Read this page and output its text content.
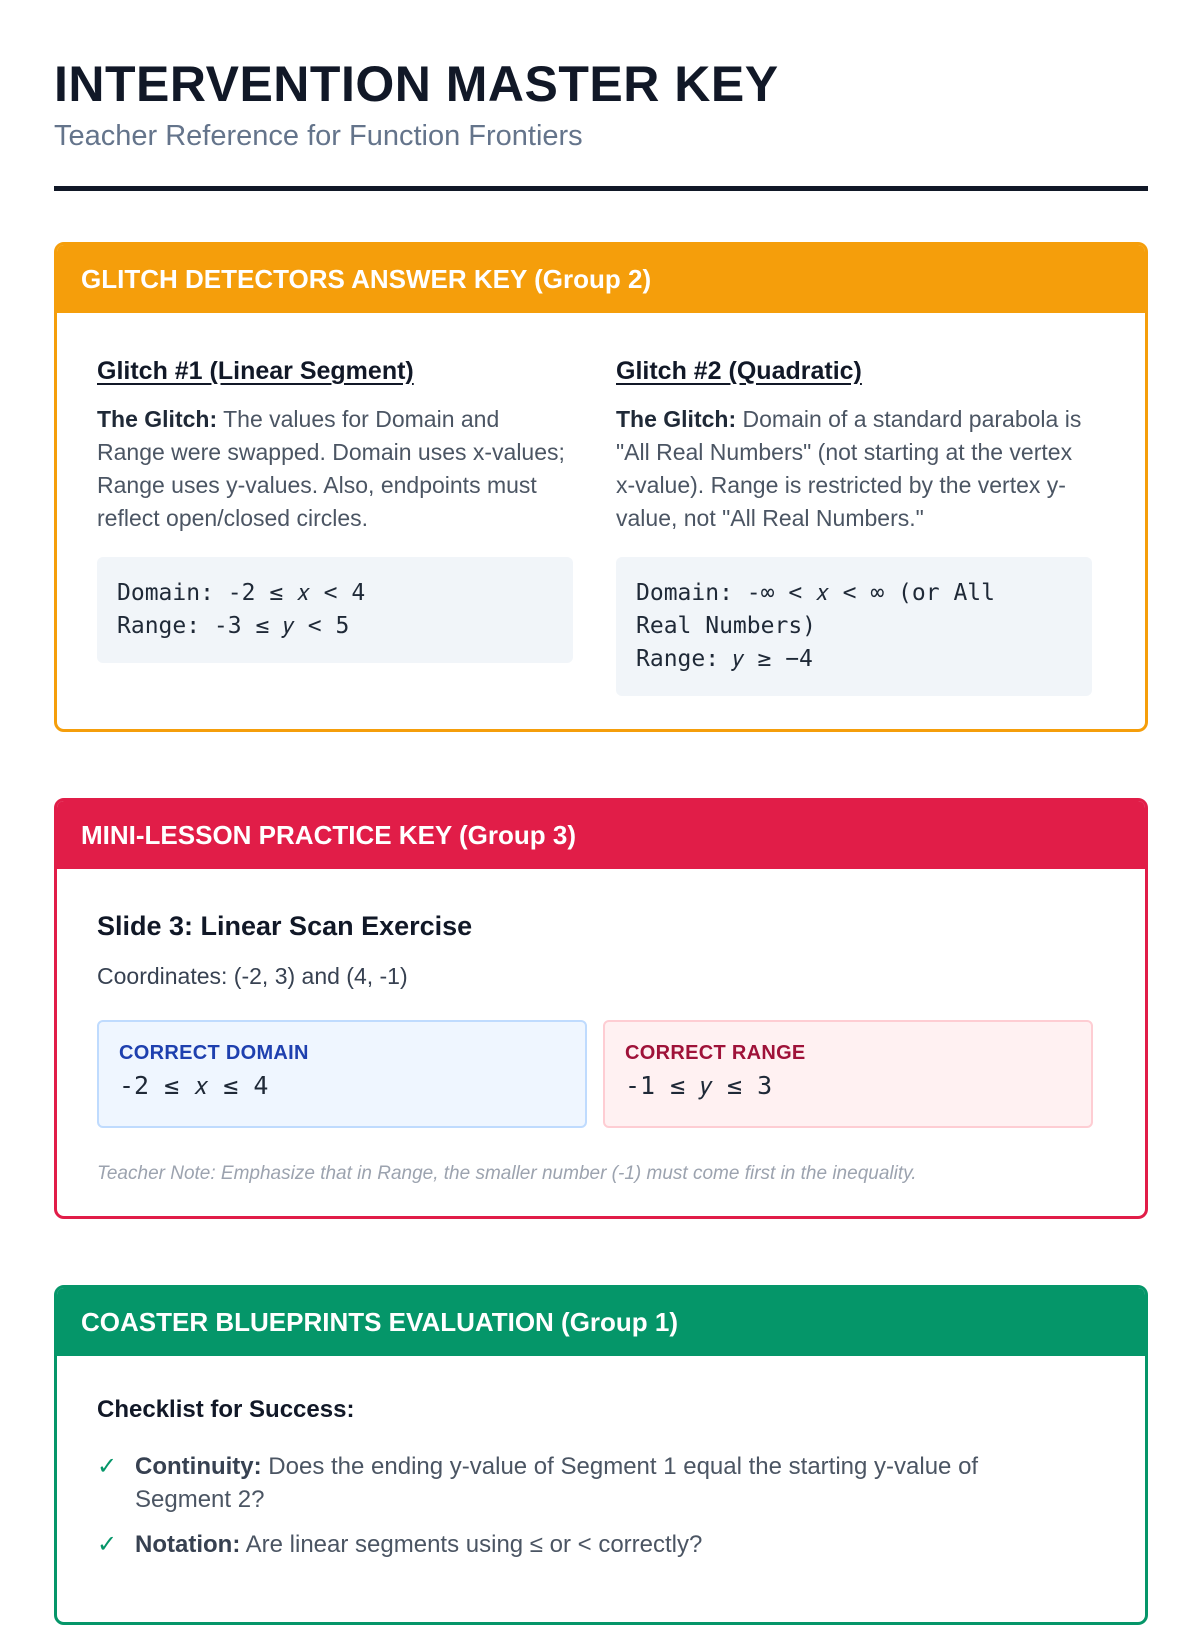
INTERVENTION MASTER KEY
Teacher Reference for Function Frontiers
GLITCH DETECTORS ANSWER KEY (Group 2)
Glitch #1 (Linear Segment)
The Glitch: The values for Domain and Range were swapped. Domain uses x-values; Range uses y-values. Also, endpoints must reflect open/closed circles.
Domain: -2 ≤ 𝑥 < 4
Range: -3 ≤ 𝑦 < 5
Glitch #2 (Quadratic)
The Glitch: Domain of a standard parabola is "All Real Numbers" (not starting at the vertex x-value). Range is restricted by the vertex y-value, not "All Real Numbers."
Domain: -∞ < 𝑥 < ∞ (or All
Real Numbers)
Range: 𝑦 ≥ −4
MINI-LESSON PRACTICE KEY (Group 3)
Slide 3: Linear Scan Exercise
Coordinates: (-2, 3) and (4, -1)
CORRECT DOMAIN
-2 ≤ 𝑥 ≤ 4
CORRECT RANGE
-1 ≤ 𝑦 ≤ 3
Teacher Note: Emphasize that in Range, the smaller number (-1) must come first in the inequality.
COASTER BLUEPRINTS EVALUATION (Group 1)
Checklist for Success:
✓ Continuity: Does the ending y-value of Segment 1 equal the starting y-value of Segment 2?
✓ Notation: Are linear segments using ≤ or < correctly?
